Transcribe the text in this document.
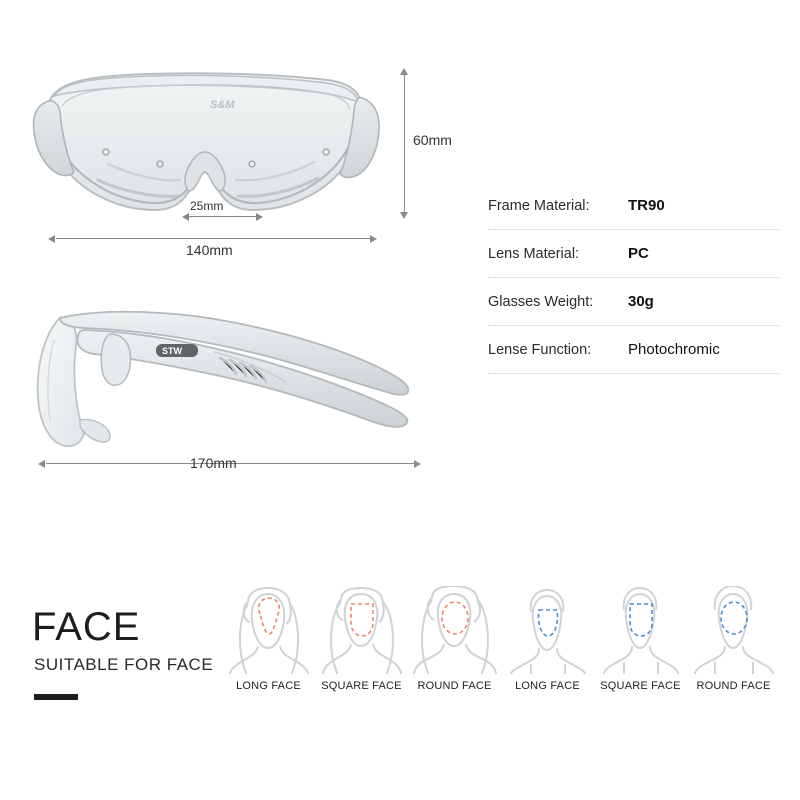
S&M
60mm
25mm
140mm
STW
170mm
Frame Material:	TR90
Lens Material:	PC
Glasses Weight:	30g
Lense Function:	Photochromic
FACE
SUITABLE FOR FACE
LONG FACE	SQUARE FACE	ROUND FACE	LONG FACE	SQUARE FACE	ROUND FACE
